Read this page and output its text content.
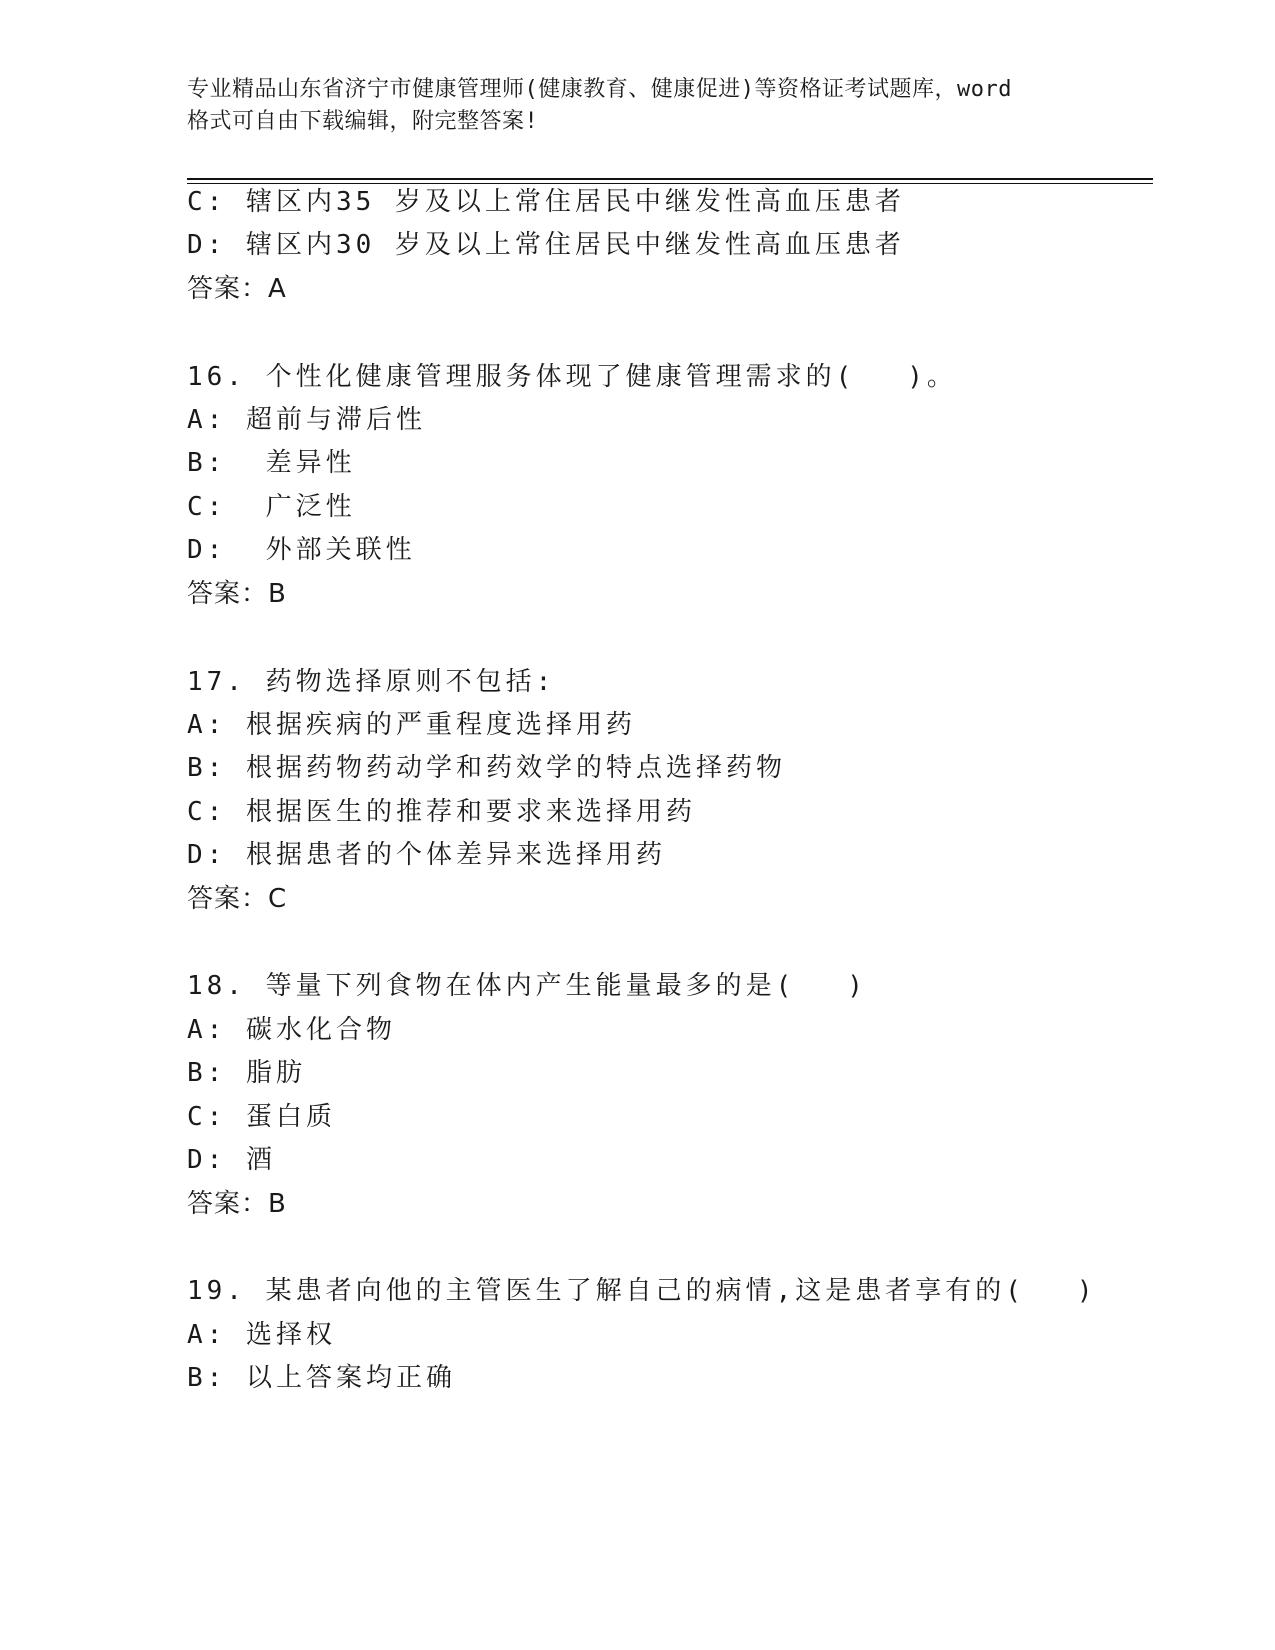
专业精品山东省济宁市健康管理师(健康教育、健康促进)等资格证考试题库，word
格式可自由下载编辑，附完整答案!
C: 辖区内35 岁及以上常住居民中继发性高血压患者
D: 辖区内30 岁及以上常住居民中继发性高血压患者
答案：A
16. 个性化健康管理服务体现了健康管理需求的( )。
A: 超前与滞后性
B:  差异性
C:  广泛性
D:  外部关联性
答案：B
17. 药物选择原则不包括:
A: 根据疾病的严重程度选择用药
B: 根据药物药动学和药效学的特点选择药物
C: 根据医生的推荐和要求来选择用药
D: 根据患者的个体差异来选择用药
答案：C
18. 等量下列食物在体内产生能量最多的是( )
A: 碳水化合物
B: 脂肪
C: 蛋白质
D: 酒
答案：B
19. 某患者向他的主管医生了解自己的病情,这是患者享有的( )
A: 选择权
B: 以上答案均正确
